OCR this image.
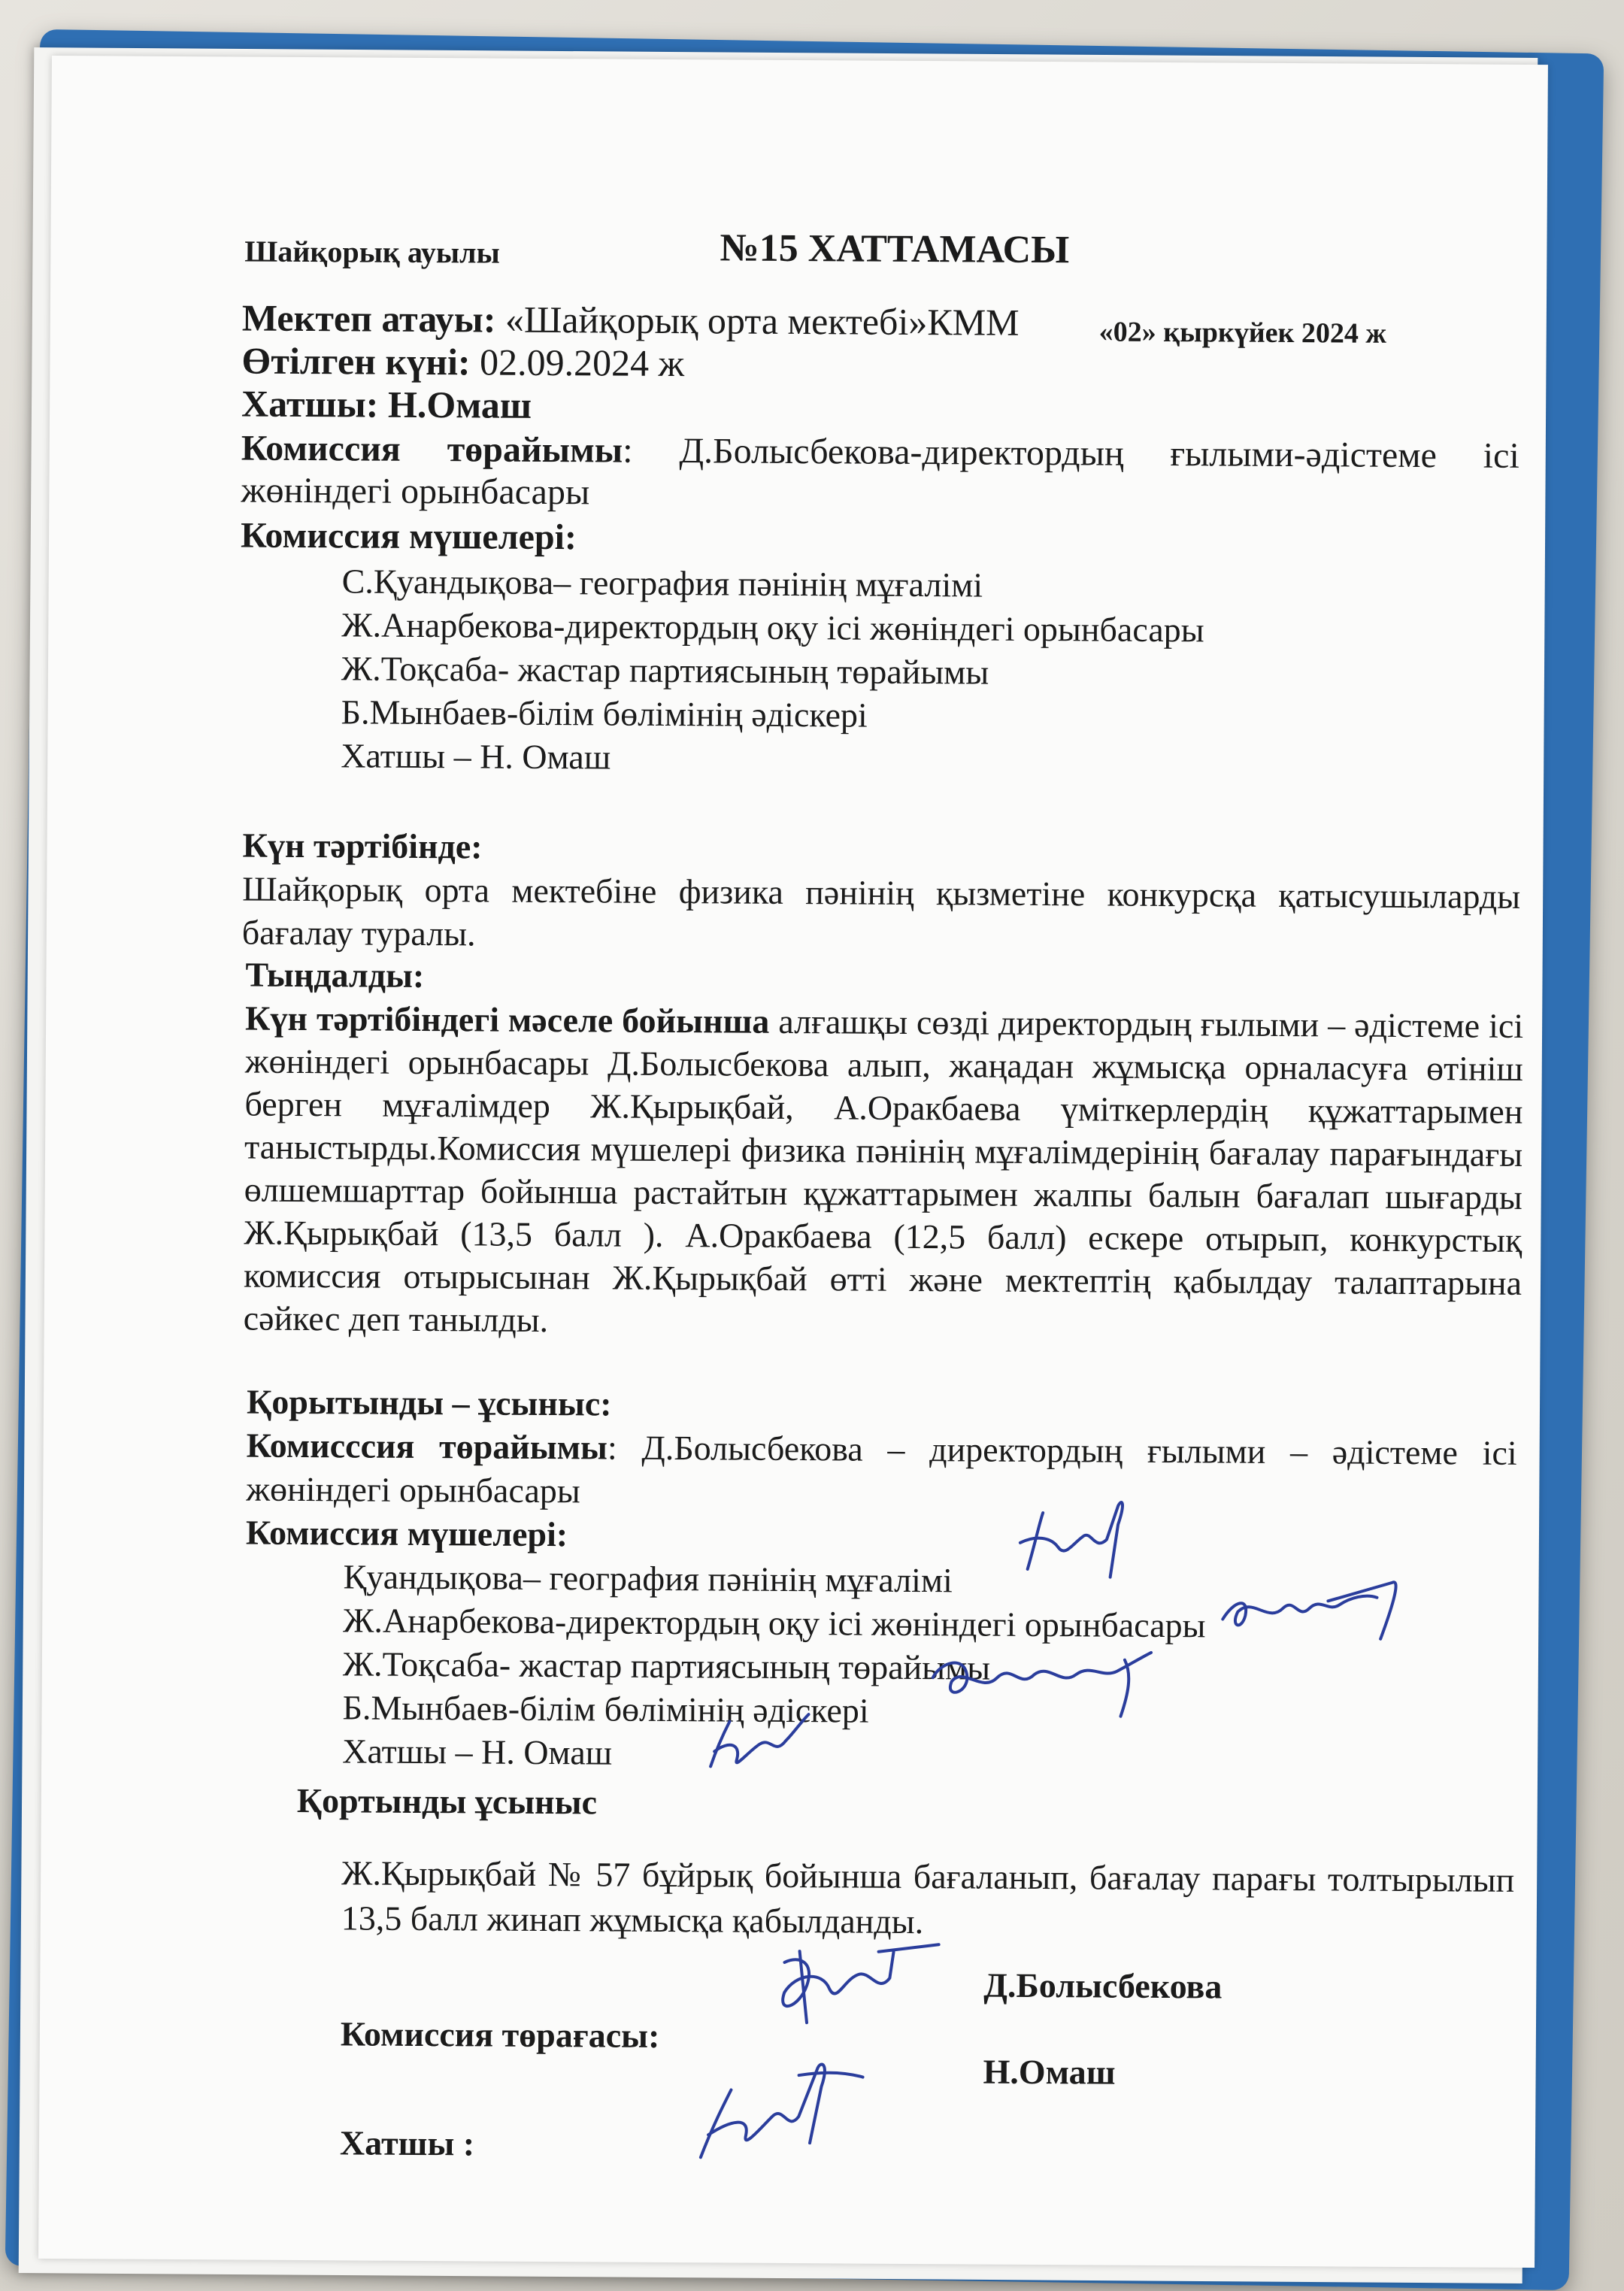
Шайқорық ауылы	№15 ХАТТАМАСЫ
«02» қыркүйек 2024 ж
Мектеп атауы: «Шайқорық орта мектебі»КММ
Өтілген күні: 02.09.2024 ж
Хатшы: Н.Омаш
Комиссия төрайымы: Д.Болысбекова-директордың ғылыми-әдістеме ісі
жөніндегі орынбасары
Комиссия мүшелері:
С.Қуандықова– география пәнінің мұғалімі
Ж.Анарбекова-директордың оқу ісі жөніндегі орынбасары
Ж.Тоқсаба- жастар партиясының төрайымы
Б.Мынбаев-білім бөлімінің әдіскері
Хатшы – Н. Омаш
Күн тәртібінде:
Шайқорық орта мектебіне физика пәнінің қызметіне конкурсқа қатысушыларды бағалау туралы.
Тыңдалды:
Күн тәртібіндегі мәселе бойынша алғашқы сөзді директордың ғылыми – әдістеме ісі жөніндегі орынбасары Д.Болысбекова алып, жаңадан жұмысқа орналасуға өтініш берген мұғалімдер Ж.Қырықбай, А.Оракбаева үміткерлердің құжаттарымен таныстырды.Комиссия мүшелері физика пәнінің мұғалімдерінің бағалау парағындағы өлшемшарттар бойынша растайтын құжаттарымен жалпы балын бағалап шығарды Ж.Қырықбай (13,5 балл ). А.Оракбаева (12,5 балл) ескере отырып, конкурстық комиссия отырысынан Ж.Қырықбай өтті және мектептің қабылдау талаптарына сәйкес деп танылды.
Қорытынды – ұсыныс:
Комисссия төрайымы: Д.Болысбекова – директордың ғылыми – әдістеме ісі
жөніндегі орынбасары
Комиссия мүшелері:
Қуандықова– география пәнінің мұғалімі
Ж.Анарбекова-директордың оқу ісі жөніндегі орынбасары
Ж.Тоқсаба- жастар партиясының төрайымы
Б.Мынбаев-білім бөлімінің әдіскері
Хатшы – Н. Омаш
Қортынды ұсыныс
Ж.Қырықбай № 57 бұйрық бойынша бағаланып, бағалау парағы толтырылып 13,5 балл жинап жұмысқа қабылданды.
Комиссия төрағасы:
Д.Болысбекова
Хатшы :
Н.Омаш
